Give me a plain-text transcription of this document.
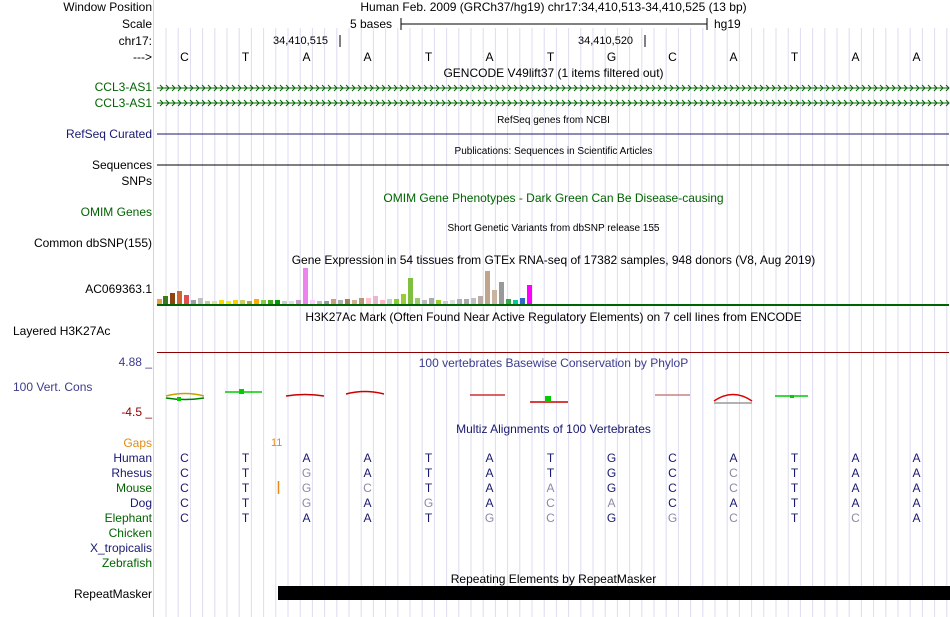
Window Position	Human Feb. 2009 (GRCh37/hg19) chr17:34,410,513-34,410,525 (13 bp)
Scale	5 bases	hg19
chr17:	34,410,515	34,410,520
--->	C	T	A	A	T	A	T	G	C	A	T	A	A
GENCODE V49lift37 (1 items filtered out)
CCL3-AS1
CCL3-AS1
RefSeq genes from NCBI
RefSeq Curated
Publications: Sequences in Scientific Articles
Sequences
SNPs
OMIM Gene Phenotypes - Dark Green Can Be Disease-causing
OMIM Genes
Short Genetic Variants from dbSNP release 155
Common dbSNP(155)
Gene Expression in 54 tissues from GTEx RNA-seq of 17382 samples, 948 donors (V8, Aug 2019)
AC069363.1
H3K27Ac Mark (Often Found Near Active Regulatory Elements) on 7 cell lines from ENCODE
Layered H3K27Ac
100 vertebrates Basewise Conservation by PhyloP
4.88 _
100 Vert. Cons
-4.5 _
Multiz Alignments of 100 Vertebrates
Gaps	11
Human	C	T	A	A	T	A	T	G	C	A	T	A	A
Rhesus	C	T	G	A	T	A	T	G	C	C	T	A	A
Mouse	C	T	G	C	T	A	A	G	C	C	T	A	A
Dog	C	T	G	A	G	A	C	A	C	A	T	A	A
Elephant	C	T	A	A	T	G	C	G	G	C	T	C	A
Chicken
X_tropicalis
Zebrafish
Repeating Elements by RepeatMasker
RepeatMasker
